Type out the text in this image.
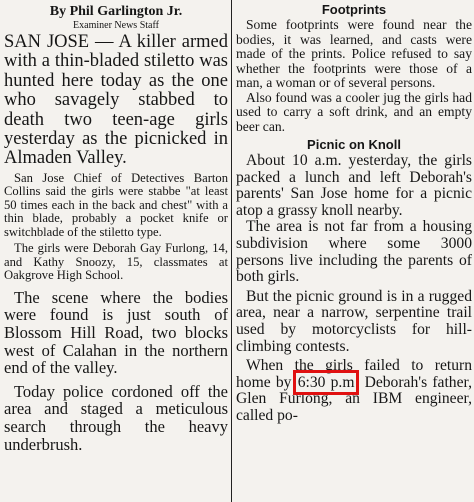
By Phil Garlington Jr.
Examiner News Staff

SAN JOSE — A killer armed with a thin-bladed stiletto was hunted here today as the one who savagely stabbed to death two teen-age girls yesterday as the picnicked in Almaden Valley.

San Jose Chief of Detectives Barton Collins said the girls were stabbe "at least 50 times each in the back and chest" with a thin blade, probably a pocket knife or switchblade of the stiletto type.

The girls were Deborah Gay Furlong, 14, and Kathy Snoozy, 15, classmates at Oakgrove High School.

The scene where the bodies were found is just south of Blossom Hill Road, two blocks west of Calahan in the northern end of the valley.

Today police cordoned off the area and staged a meticulous search through the heavy underbrush.

Footprints

Some footprints were found near the bodies, it was learned, and casts were made of the prints. Police refused to say whether the footprints were those of a man, a woman or of several persons.

Also found was a cooler jug the girls had used to carry a soft drink, and an empty beer can.

Picnic on Knoll

About 10 a.m. yesterday, the girls packed a lunch and left Deborah's parents' San Jose home for a picnic atop a grassy knoll nearby.

The area is not far from a housing subdivision where some 3000 persons live including the parents of both girls.

But the picnic ground is in a rugged area, near a narrow, serpentine trail used by motorcyclists for hill-climbing contests.

When the girls failed to return home by 6:30 p.m. Deborah's father, Glen Furlong, an IBM engineer, called po-
